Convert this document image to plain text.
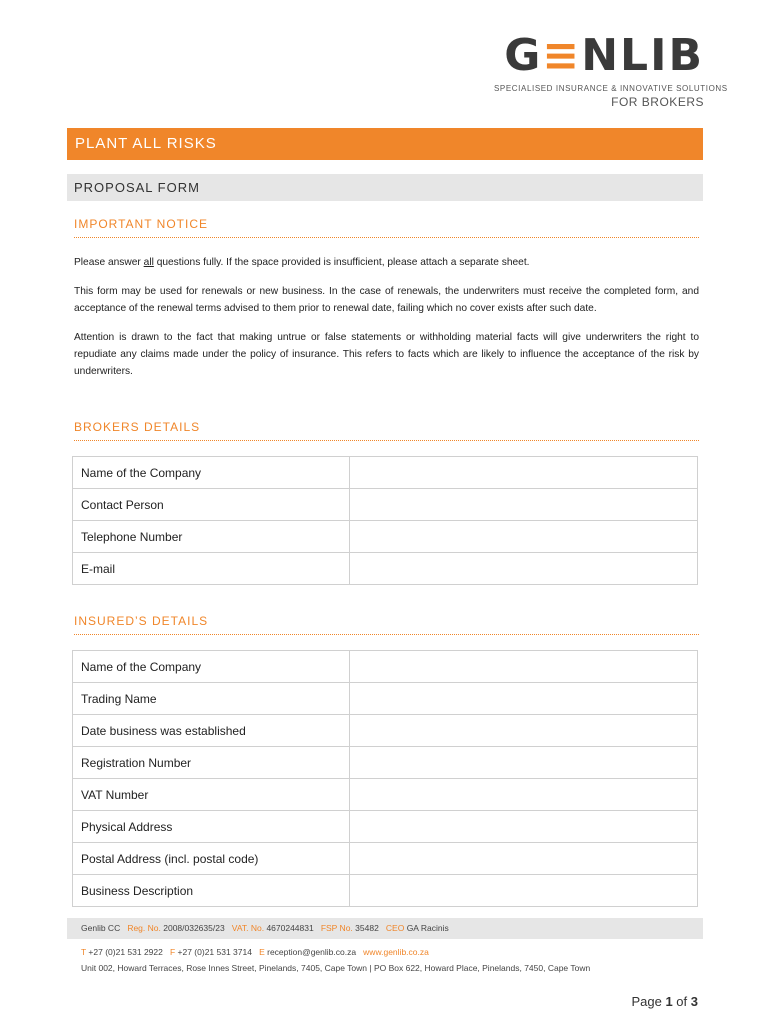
G≡NLIB
SPECIALISED INSURANCE & INNOVATIVE SOLUTIONS
FOR BROKERS
PLANT ALL RISKS
PROPOSAL FORM
IMPORTANT NOTICE

Please answer all questions fully. If the space provided is insufficient, please attach a separate sheet.

This form may be used for renewals or new business. In the case of renewals, the underwriters must receive the completed form, and acceptance of the renewal terms advised to them prior to renewal date, failing which no cover exists after such date.

Attention is drawn to the fact that making untrue or false statements or withholding material facts will give underwriters the right to repudiate any claims made under the policy of insurance. This refers to facts which are likely to influence the acceptance of the risk by underwriters.

BROKERS DETAILS
Name of the Company	
Contact Person	
Telephone Number	
E-mail	
INSURED’S DETAILS
Name of the Company	
Trading Name	
Date business was established	
Registration Number	
VAT Number	
Physical Address	
Postal Address (incl. postal code)	
Business Description	
Genlib CC Reg. No. 2008/032635/23 VAT. No. 4670244831 FSP No. 35482 CEO GA Racinis
T +27 (0)21 531 2922 F +27 (0)21 531 3714 E reception@genlib.co.za www.genlib.co.za
Unit 002, Howard Terraces, Rose Innes Street, Pinelands, 7405, Cape Town | PO Box 622, Howard Place, Pinelands, 7450, Cape Town
Page 1 of 3
